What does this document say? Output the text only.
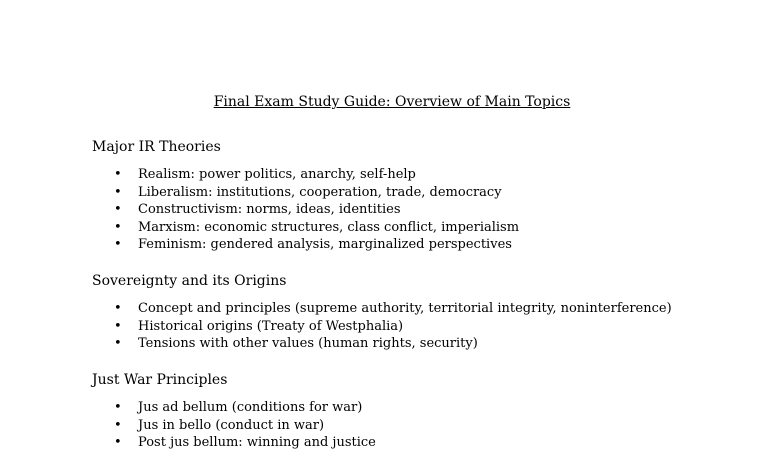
Final Exam Study Guide: Overview of Main Topics
Major IR Theories
• Realism: power politics, anarchy, self-help
• Liberalism: institutions, cooperation, trade, democracy
• Constructivism: norms, ideas, identities
• Marxism: economic structures, class conflict, imperialism
• Feminism: gendered analysis, marginalized perspectives
Sovereignty and its Origins
• Concept and principles (supreme authority, territorial integrity, noninterference)
• Historical origins (Treaty of Westphalia)
• Tensions with other values (human rights, security)
Just War Principles
• Jus ad bellum (conditions for war)
• Jus in bello (conduct in war)
• Post jus bellum: winning and justice
